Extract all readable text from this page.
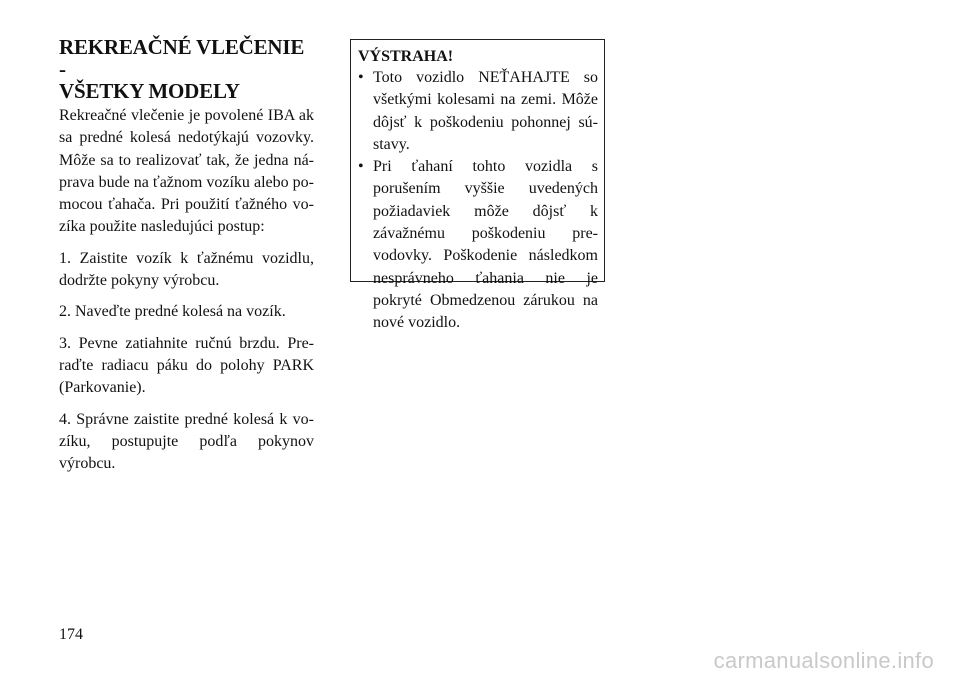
REKREAČNÉ VLEČENIE -
VŠETKY MODELY

Rekreačné vlečenie je povolené IBA ak sa predné kolesá nedotýkajú vozovky. Môže sa to realizovať tak, že jedna náprava bude na ťažnom vozíku alebo pomocou ťahača. Pri použití ťažného vozíka použite nasledujúci postup:

1. Zaistite vozík k ťažnému vozidlu, dodržte pokyny výrobcu.

2. Naveďte predné kolesá na vozík.

3. Pevne zatiahnite ručnú brzdu. Preraďte radiacu páku do polohy PARK (Parkovanie).

4. Správne zaistite predné kolesá k vozíku, postupujte podľa pokynov výrobcu.

VÝSTRAHA!
• Toto vozidlo NEŤAHAJTE so všetkými kolesami na zemi. Môže dôjsť k poškodeniu pohonnej sústavy.
• Pri ťahaní tohto vozidla s porušením vyššie uvedených požiadaviek môže dôjsť k závažnému poškodeniu prevodovky. Poškodenie následkom nesprávneho ťahania nie je pokryté Obmedzenou zárukou na nové vozidlo.
174
carmanualsonline.info
